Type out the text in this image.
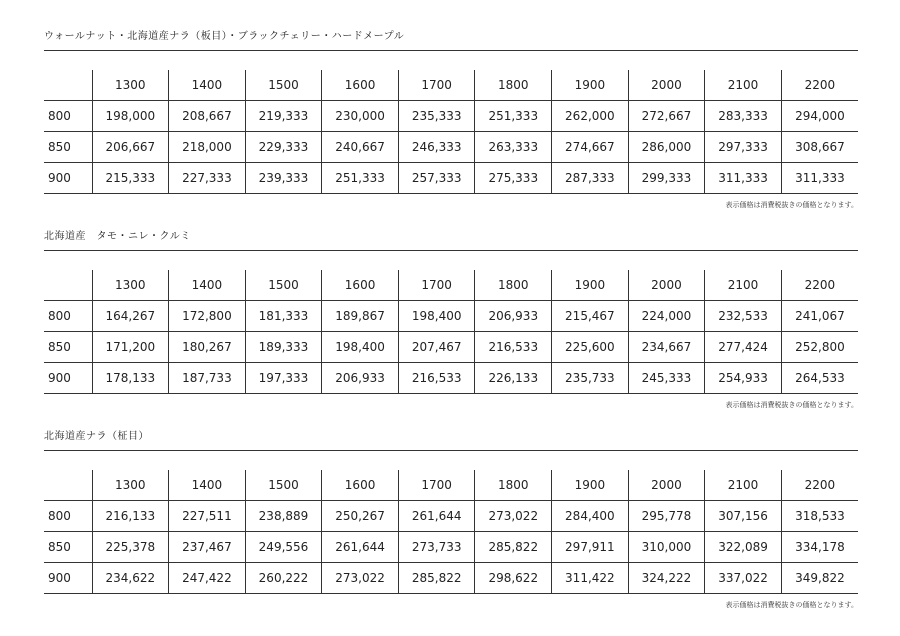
ウォールナット・北海道産ナラ（板目）・ブラックチェリー・ハードメープル
	1300	1400	1500	1600	1700	1800	1900	2000	2100	2200
800	198,000	208,667	219,333	230,000	235,333	251,333	262,000	272,667	283,333	294,000
850	206,667	218,000	229,333	240,667	246,333	263,333	274,667	286,000	297,333	308,667
900	215,333	227,333	239,333	251,333	257,333	275,333	287,333	299,333	311,333	311,333
表示価格は消費税抜きの価格となります。
北海道産　タモ・ニレ・クルミ
	1300	1400	1500	1600	1700	1800	1900	2000	2100	2200
800	164,267	172,800	181,333	189,867	198,400	206,933	215,467	224,000	232,533	241,067
850	171,200	180,267	189,333	198,400	207,467	216,533	225,600	234,667	277,424	252,800
900	178,133	187,733	197,333	206,933	216,533	226,133	235,733	245,333	254,933	264,533
表示価格は消費税抜きの価格となります。
北海道産ナラ（柾目）
	1300	1400	1500	1600	1700	1800	1900	2000	2100	2200
800	216,133	227,511	238,889	250,267	261,644	273,022	284,400	295,778	307,156	318,533
850	225,378	237,467	249,556	261,644	273,733	285,822	297,911	310,000	322,089	334,178
900	234,622	247,422	260,222	273,022	285,822	298,622	311,422	324,222	337,022	349,822
表示価格は消費税抜きの価格となります。
